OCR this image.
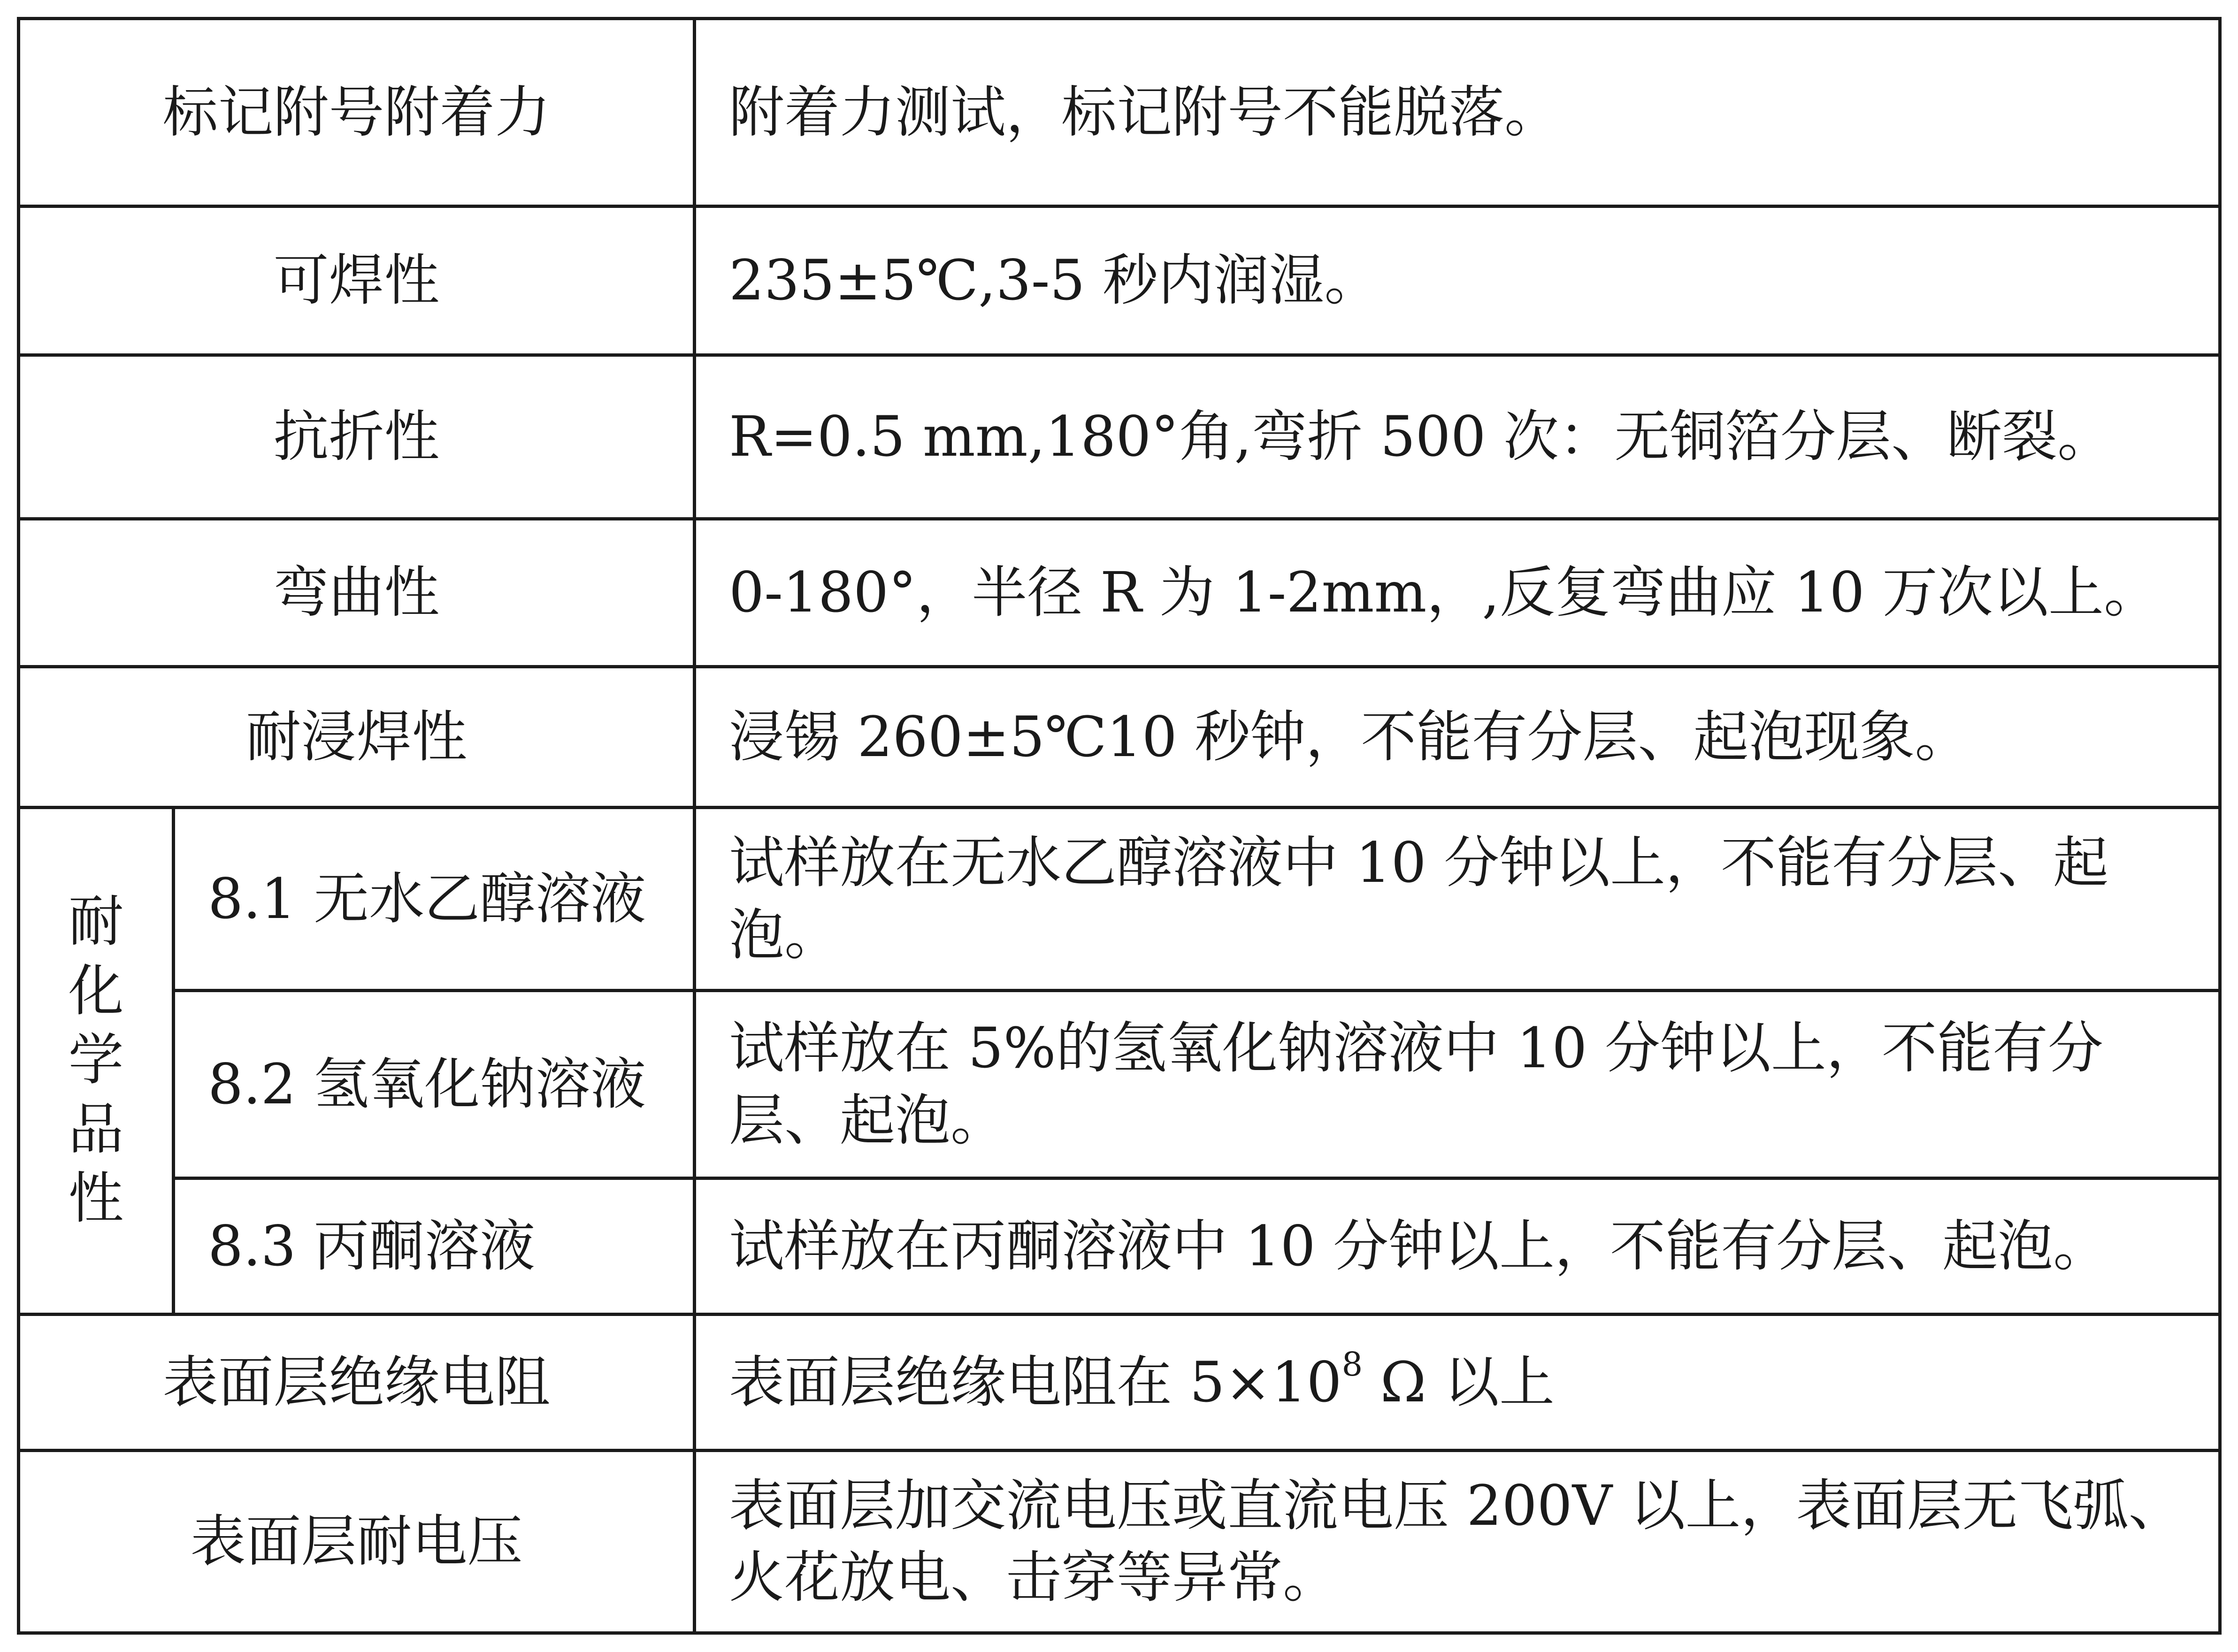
标记附号附着力		附着力测试，标记附号不能脱落。

可焊性		235±5℃,3-5 秒内润湿。

抗折性		R=0.5 mm,180°角,弯折 500 次：无铜箔分层、断裂。

弯曲性		0-180°，半径 R 为 1-2mm，,反复弯曲应 10 万次以上。

耐浸焊性		浸锡 260±5℃10 秒钟，不能有分层、起泡现象。

耐化学品性	8.1 无水乙醇溶液	试样放在无水乙醇溶液中 10 分钟以上，不能有分层、起泡。

	8.2 氢氧化钠溶液	试样放在 5%的氢氧化钠溶液中 10 分钟以上，不能有分层、起泡。

	8.3 丙酮溶液	试样放在丙酮溶液中 10 分钟以上，不能有分层、起泡。

表面层绝缘电阻		表面层绝缘电阻在 $5\times 10^8$ Ω 以上

表面层耐电压		表面层加交流电压或直流电压 200V 以上，表面层无飞弧、火花放电、击穿等异常。
